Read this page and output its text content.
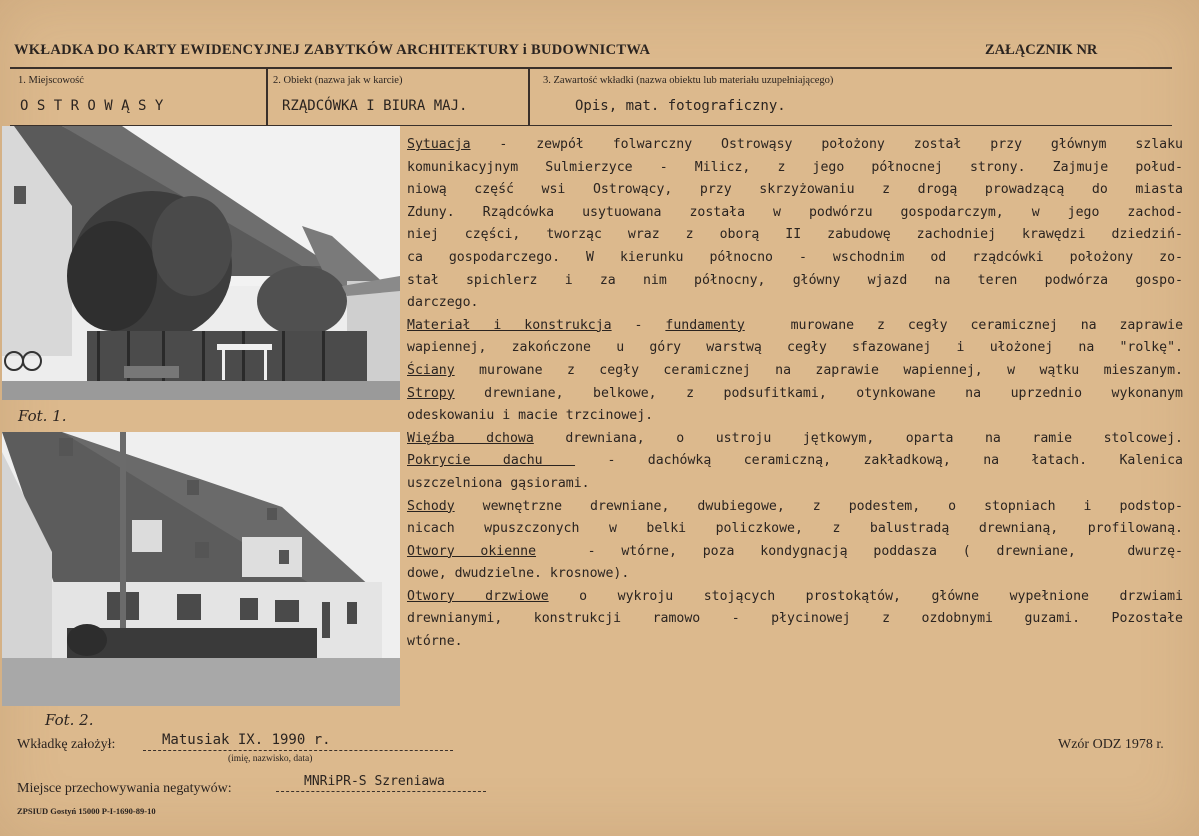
WKŁADKA DO KARTY EWIDENCYJNEJ ZABYTKÓW ARCHITEKTURY i BUDOWNICTWA	ZAŁĄCZNIK NR
1. Miejscowość
O S T R O W Ą S Y
2. Obiekt (nazwa jak w karcie)
RZĄDCÓWKA I BIURA MAJ.
3. Zawartość wkładki (nazwa obiektu lub materiału uzupełniającego)
Opis, mat. fotograficzny.
Fot. 1.
Fot. 2.
Sytuacja - zewpół folwarczny Ostrowąsy położony został przy głównym szlaku
komunikacyjnym Sulmierzyce - Milicz, z jego północnej strony. Zajmuje połud-
niową część wsi Ostrowący, przy skrzyżowaniu z drogą prowadzącą do miasta
Zduny. Rządcówka usytuowana została w podwórzu gospodarczym, w jego zachod-
niej części, tworząc wraz z oborą II zabudowę zachodniej krawędzi dziedziń-
ca gospodarczego. W kierunku północno - wschodnim od rządcówki położony zo-
stał spichlerz i za nim północny, główny wjazd na teren podwórza gospo-
darczego.
Materiał i konstrukcja - fundamenty  murowane z cegły ceramicznej na zaprawie
wapiennej, zakończone u góry warstwą cegły sfazowanej i ułożonej na "rolkę".
Ściany murowane z cegły ceramicznej na zaprawie wapiennej, w wątku mieszanym.
Stropy drewniane, belkowe, z podsufitkami, otynkowane na uprzednio wykonanym
odeskowaniu i macie trzcinowej.
Więźba dchowa drewniana, o ustroju jętkowym, oparta na ramie stolcowej.
Pokrycie dachu  - dachówką ceramiczną, zakładkową, na łatach. Kalenica
uszczelniona gąsiorami.
Schody wewnętrzne drewniane, dwubiegowe, z podestem, o stopniach i podstop-
nicach wpuszczonych w belki policzkowe, z balustradą drewnianą, profilowaną.
Otwory okienne  - wtórne, poza kondygnacją poddasza ( drewniane,  dwurzę-
dowe, dwudzielne. krosnowe).
Otwory drzwiowe o wykroju stojących prostokątów, główne wypełnione drzwiami
drewnianymi, konstrukcji ramowo - płycinowej z ozdobnymi guzami. Pozostałe
wtórne.
Wkładkę założył:	Matusiak IX. 1990 r.
(imię, nazwisko, data)
Wzór ODZ 1978 r.
Miejsce przechowywania negatywów:	MNRiPR-S Szreniawa
ZPSIUD Gostyń 15000 P-I-1690-89-10
